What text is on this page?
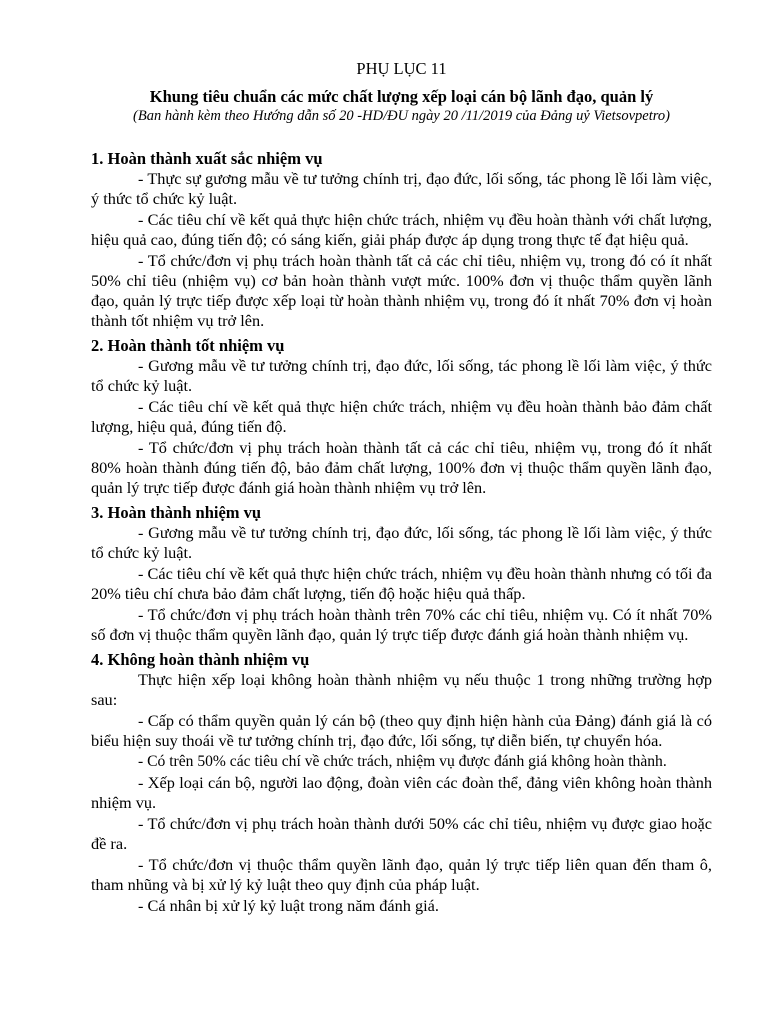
PHỤ LỤC 11

Khung tiêu chuẩn các mức chất lượng xếp loại cán bộ lãnh đạo, quản lý

(Ban hành kèm theo Hướng dẫn số 20 -HD/ĐU ngày 20 /11/2019 của Đảng uỷ Vietsovpetro)

1. Hoàn thành xuất sắc nhiệm vụ

- Thực sự gương mẫu về tư tưởng chính trị, đạo đức, lối sống, tác phong lề lối làm việc, ý thức tổ chức kỷ luật.

- Các tiêu chí về kết quả thực hiện chức trách, nhiệm vụ đều hoàn thành với chất lượng, hiệu quả cao, đúng tiến độ; có sáng kiến, giải pháp được áp dụng trong thực tế đạt hiệu quả.

- Tổ chức/đơn vị phụ trách hoàn thành tất cả các chỉ tiêu, nhiệm vụ, trong đó có ít nhất 50% chỉ tiêu (nhiệm vụ) cơ bản hoàn thành vượt mức. 100% đơn vị thuộc thẩm quyền lãnh đạo, quản lý trực tiếp được xếp loại từ hoàn thành nhiệm vụ, trong đó ít nhất 70% đơn vị hoàn thành tốt nhiệm vụ trở lên.

2. Hoàn thành tốt nhiệm vụ

- Gương mẫu về tư tưởng chính trị, đạo đức, lối sống, tác phong lề lối làm việc, ý thức tổ chức kỷ luật.

- Các tiêu chí về kết quả thực hiện chức trách, nhiệm vụ đều hoàn thành bảo đảm chất lượng, hiệu quả, đúng tiến độ.

- Tổ chức/đơn vị phụ trách hoàn thành tất cả các chỉ tiêu, nhiệm vụ, trong đó ít nhất 80% hoàn thành đúng tiến độ, bảo đảm chất lượng, 100% đơn vị thuộc thẩm quyền lãnh đạo, quản lý trực tiếp được đánh giá hoàn thành nhiệm vụ trở lên.

3. Hoàn thành nhiệm vụ

- Gương mẫu về tư tưởng chính trị, đạo đức, lối sống, tác phong lề lối làm việc, ý thức tổ chức kỷ luật.

- Các tiêu chí về kết quả thực hiện chức trách, nhiệm vụ đều hoàn thành nhưng có tối đa 20% tiêu chí chưa bảo đảm chất lượng, tiến độ hoặc hiệu quả thấp.

- Tổ chức/đơn vị phụ trách hoàn thành trên 70% các chỉ tiêu, nhiệm vụ. Có ít nhất 70% số đơn vị thuộc thẩm quyền lãnh đạo, quản lý trực tiếp được đánh giá hoàn thành nhiệm vụ.

4. Không hoàn thành nhiệm vụ

Thực hiện xếp loại không hoàn thành nhiệm vụ nếu thuộc 1 trong những trường hợp sau:

- Cấp có thẩm quyền quản lý cán bộ (theo quy định hiện hành của Đảng) đánh giá là có biểu hiện suy thoái về tư tưởng chính trị, đạo đức, lối sống, tự diễn biến, tự chuyển hóa.

- Có trên 50% các tiêu chí về chức trách, nhiệm vụ được đánh giá không hoàn thành.

- Xếp loại cán bộ, người lao động, đoàn viên các đoàn thể, đảng viên không hoàn thành nhiệm vụ.

- Tổ chức/đơn vị phụ trách hoàn thành dưới 50% các chỉ tiêu, nhiệm vụ được giao hoặc đề ra.

- Tổ chức/đơn vị thuộc thẩm quyền lãnh đạo, quản lý trực tiếp liên quan đến tham ô, tham nhũng và bị xử lý kỷ luật theo quy định của pháp luật.

- Cá nhân bị xử lý kỷ luật trong năm đánh giá.
